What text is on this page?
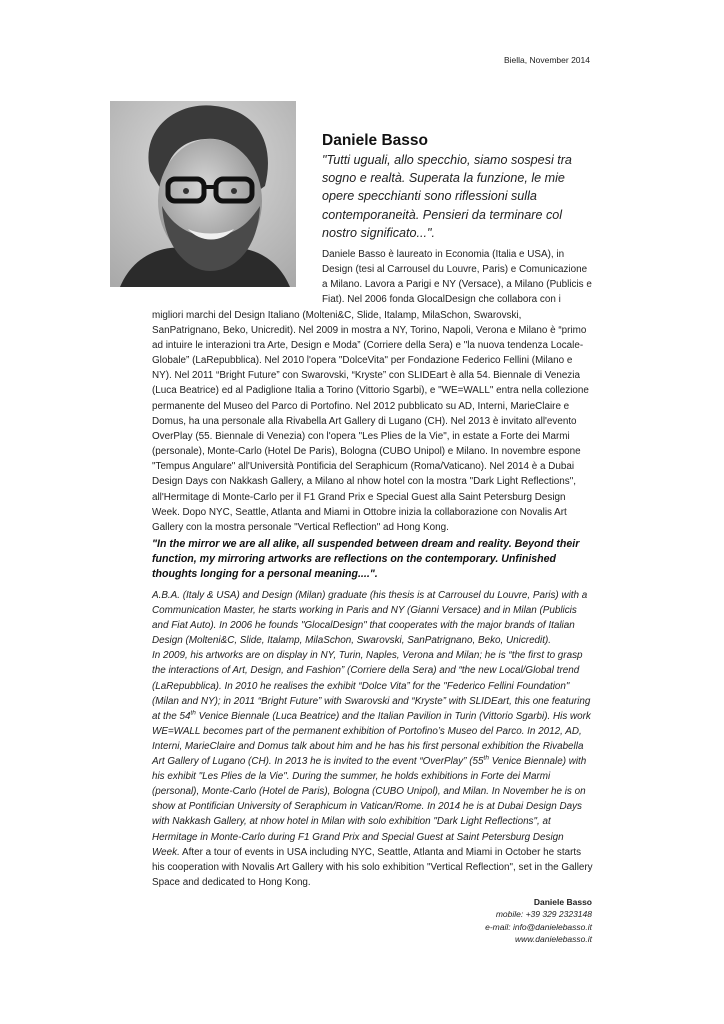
Biella, November 2014
Daniele Basso
"Tutti uguali, allo specchio, siamo sospesi tra sogno e realtà. Superata la funzione, le mie opere specchianti sono riflessioni sulla contemporaneità. Pensieri da terminare col nostro significato...".

Daniele Basso è laureato in Economia (Italia e USA), in Design (tesi al Carrousel du Louvre, Paris) e Comunicazione a Milano. Lavora a Parigi e NY (Versace), a Milano (Publicis e Fiat). Nel 2006 fonda GlocalDesign che collabora con i migliori marchi del Design Italiano (Molteni&C, Slide, Italamp, MilaSchon, Swarovski, SanPatrignano, Beko, Unicredit). Nel 2009 in mostra a NY, Torino, Napoli, Verona e Milano è “primo ad intuire le interazioni tra Arte, Design e Moda” (Corriere della Sera) e "la nuova tendenza Locale-Globale” (LaRepubblica). Nel 2010 l'opera "DolceVita" per Fondazione Federico Fellini (Milano e NY). Nel 2011 “Bright Future” con Swarovski, “Kryste” con SLIDEart è alla 54. Biennale di Venezia (Luca Beatrice) ed al Padiglione Italia a Torino (Vittorio Sgarbi), e "WE=WALL" entra nella collezione permanente del Museo del Parco di Portofino. Nel 2012 pubblicato su AD, Interni, MarieClaire e Domus, ha una personale alla Rivabella Art Gallery di Lugano (CH). Nel 2013 è invitato all'evento OverPlay (55. Biennale di Venezia) con l'opera "Les Plies de la Vie", in estate a Forte dei Marmi (personale), Monte-Carlo (Hotel De Paris), Bologna (CUBO Unipol) e Milano. In novembre espone "Tempus Angulare" all'Università Pontificia del Seraphicum (Roma/Vaticano). Nel 2014 è a Dubai Design Days con Nakkash Gallery, a Milano al nhow hotel con la mostra "Dark Light Reflections", all'Hermitage di Monte-Carlo per il F1 Grand Prix e Special Guest alla Saint Petersburg Design Week. Dopo NYC, Seattle, Atlanta and Miami in Ottobre inizia la collaborazione con Novalis Art Gallery con la mostra personale "Vertical Reflection" ad Hong Kong.

"In the mirror we are all alike, all suspended between dream and reality. Beyond their function, my mirroring artworks are reflections on the contemporary. Unfinished thoughts longing for a personal meaning....".

A.B.A. (Italy & USA) and Design (Milan) graduate (his thesis is at Carrousel du Louvre, Paris) with a Communication Master, he starts working in Paris and NY (Gianni Versace) and in Milan (Publicis and Fiat Auto). In 2006 he founds "GlocalDesign" that cooperates with the major brands of Italian Design (Molteni&C, Slide, Italamp, MilaSchon, Swarovski, SanPatrignano, Beko, Unicredit).
In 2009, his artworks are on display in NY, Turin, Naples, Verona and Milan; he is “the first to grasp the interactions of Art, Design, and Fashion” (Corriere della Sera) and “the new Local/Global trend (LaRepubblica). In 2010 he realises the exhibit “Dolce Vita” for the "Federico Fellini Foundation" (Milan and NY); in 2011 “Bright Future” with Swarovski and “Kryste” with SLIDEart, this one featuring at the 54th Venice Biennale (Luca Beatrice) and the Italian Pavilion in Turin (Vittorio Sgarbi). His work WE=WALL becomes part of the permanent exhibition of Portofino’s Museo del Parco. In 2012, AD, Interni, MarieClaire and Domus talk about him and he has his first personal exhibition the Rivabella Art Gallery of Lugano (CH). In 2013 he is invited to the event “OverPlay” (55th Venice Biennale) with his exhibit "Les Plies de la Vie". During the summer, he holds exhibitions in Forte dei Marmi (personal), Monte-Carlo (Hotel de Paris), Bologna (CUBO Unipol), and Milan. In November he is on show at Pontifician University of Seraphicum in Vatican/Rome. In 2014 he is at Dubai Design Days with Nakkash Gallery, at nhow hotel in Milan with solo exhibition "Dark Light Reflections", at Hermitage in Monte-Carlo during F1 Grand Prix and Special Guest at Saint Petersburg Design Week. After a tour of events in USA including NYC, Seattle, Atlanta and Miami in October he starts his cooperation with Novalis Art Gallery with his solo exhibition "Vertical Reflection", set in the Gallery Space and dedicated to Hong Kong.

Daniele Basso
mobile: +39 329 2323148
e-mail: info@danielebasso.it
www.danielebasso.it
